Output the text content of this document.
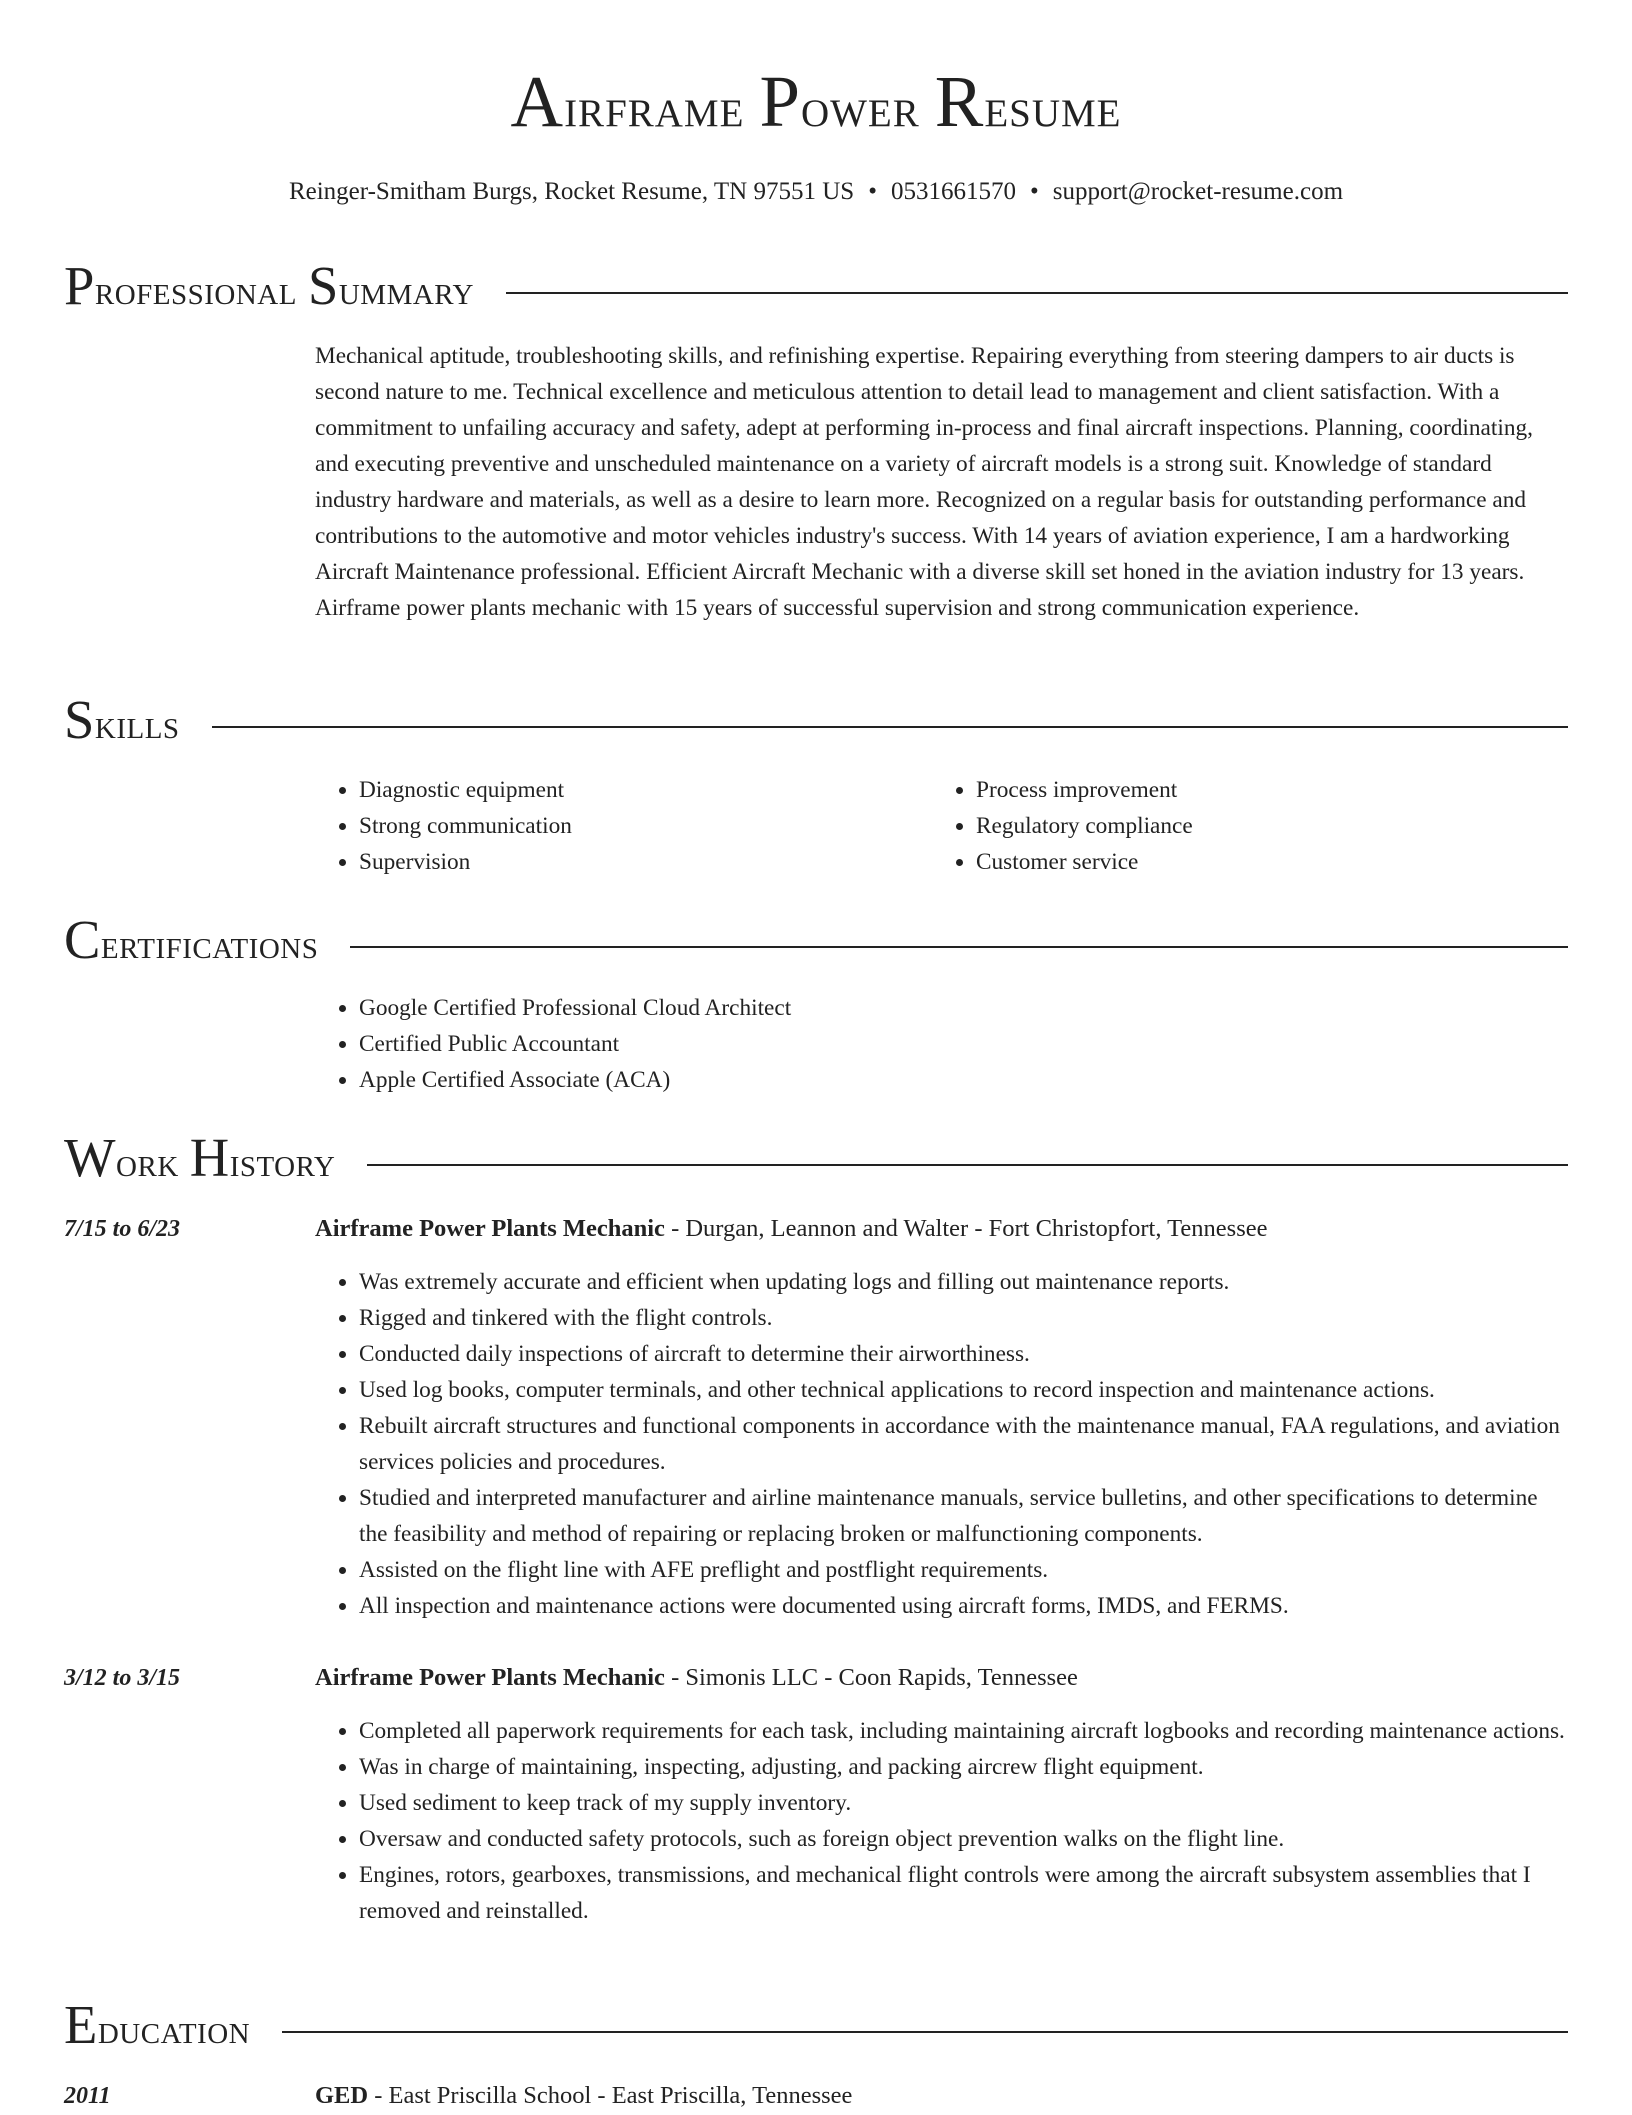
Airframe Power Resume
Reinger-Smitham Burgs, Rocket Resume, TN 97551 US • 0531661570 • support@rocket-resume.com
Professional Summary

Mechanical aptitude, troubleshooting skills, and refinishing expertise. Repairing everything from steering dampers to air ducts is second nature to me. Technical excellence and meticulous attention to detail lead to management and client satisfaction. With a commitment to unfailing accuracy and safety, adept at performing in-process and final aircraft inspections. Planning, coordinating, and executing preventive and unscheduled maintenance on a variety of aircraft models is a strong suit. Knowledge of standard industry hardware and materials, as well as a desire to learn more. Recognized on a regular basis for outstanding performance and contributions to the automotive and motor vehicles industry's success. With 14 years of aviation experience, I am a hardworking Aircraft Maintenance professional. Efficient Aircraft Mechanic with a diverse skill set honed in the aviation industry for 13 years. Airframe power plants mechanic with 15 years of successful supervision and strong communication experience.

Skills
• Diagnostic equipment
• Strong communication
• Supervision
• Process improvement
• Regulatory compliance
• Customer service
Certifications
• Google Certified Professional Cloud Architect
• Certified Public Accountant
• Apple Certified Associate (ACA)
Work History
7/15 to 6/23	Airframe Power Plants Mechanic - Durgan, Leannon and Walter - Fort Christopfort, Tennessee
• Was extremely accurate and efficient when updating logs and filling out maintenance reports.
• Rigged and tinkered with the flight controls.
• Conducted daily inspections of aircraft to determine their airworthiness.
• Used log books, computer terminals, and other technical applications to record inspection and maintenance actions.
• Rebuilt aircraft structures and functional components in accordance with the maintenance manual, FAA regulations, and aviation services policies and procedures.
• Studied and interpreted manufacturer and airline maintenance manuals, service bulletins, and other specifications to determine the feasibility and method of repairing or replacing broken or malfunctioning components.
• Assisted on the flight line with AFE preflight and postflight requirements.
• All inspection and maintenance actions were documented using aircraft forms, IMDS, and FERMS.
3/12 to 3/15	Airframe Power Plants Mechanic - Simonis LLC - Coon Rapids, Tennessee
• Completed all paperwork requirements for each task, including maintaining aircraft logbooks and recording maintenance actions.
• Was in charge of maintaining, inspecting, adjusting, and packing aircrew flight equipment.
• Used sediment to keep track of my supply inventory.
• Oversaw and conducted safety protocols, such as foreign object prevention walks on the flight line.
• Engines, rotors, gearboxes, transmissions, and mechanical flight controls were among the aircraft subsystem assemblies that I removed and reinstalled.
Education
2011	GED - East Priscilla School - East Priscilla, Tennessee
